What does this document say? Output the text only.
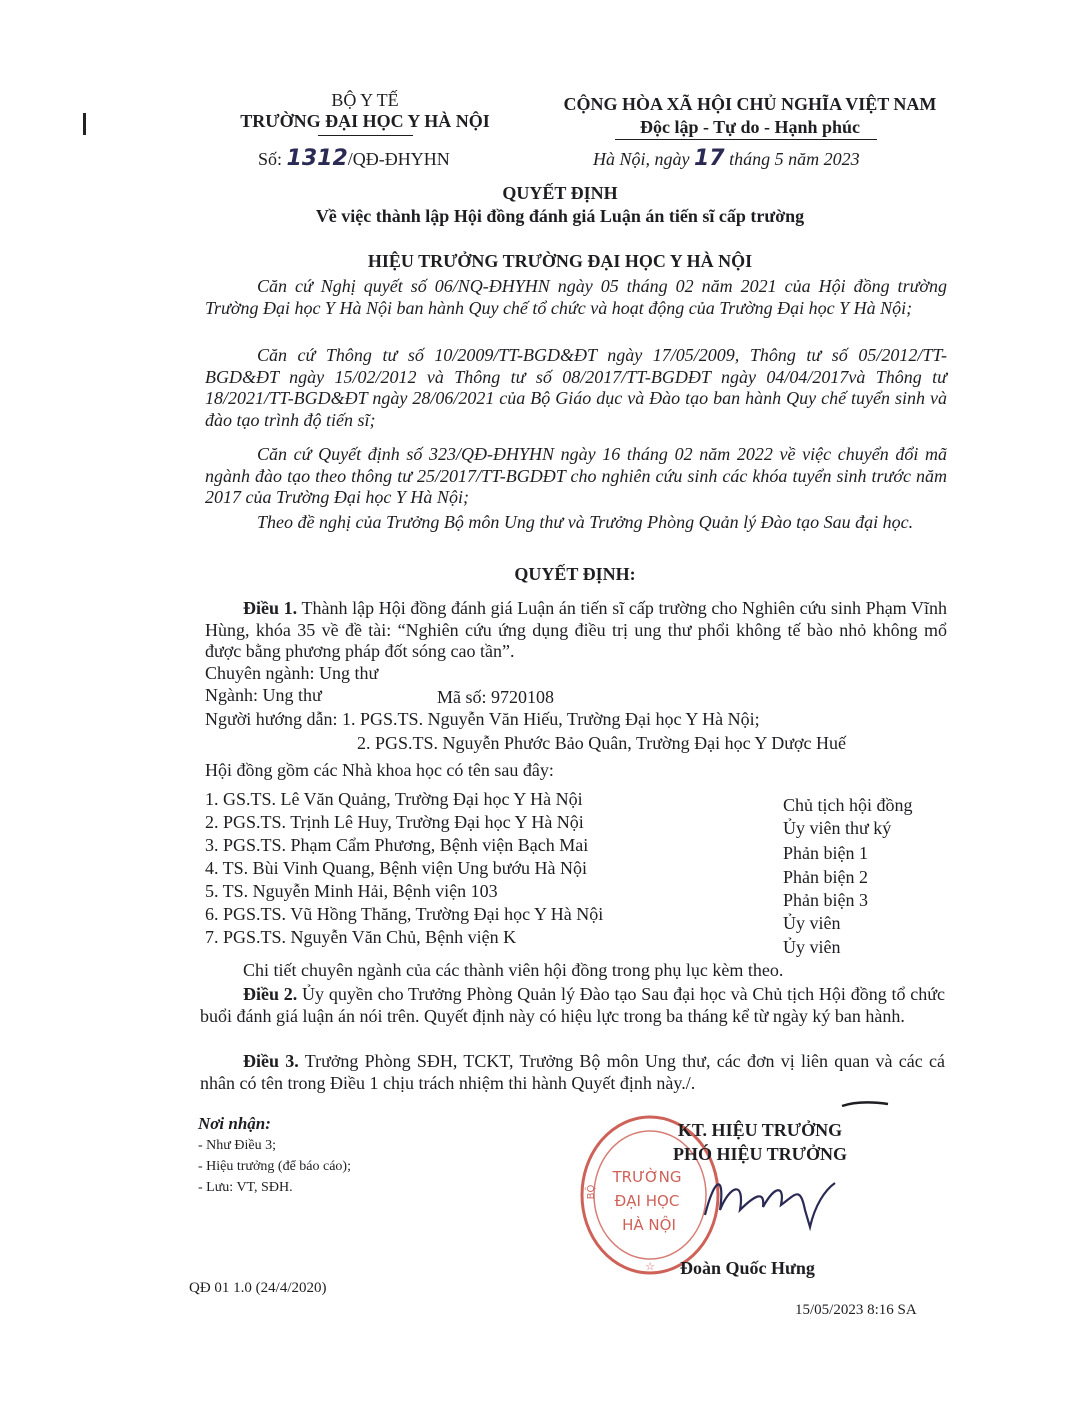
BỘ Y TẾ
TRƯỜNG ĐẠI HỌC Y HÀ NỘI
Số: 1312/QĐ-ĐHYHN
CỘNG HÒA XÃ HỘI CHỦ NGHĨA VIỆT NAM
Độc lập - Tự do - Hạnh phúc
Hà Nội, ngày 17 tháng 5 năm 2023
QUYẾT ĐỊNH
Về việc thành lập Hội đồng đánh giá Luận án tiến sĩ cấp trường
HIỆU TRƯỞNG TRƯỜNG ĐẠI HỌC Y HÀ NỘI
Căn cứ Nghị quyết số 06/NQ-ĐHYHN ngày 05 tháng 02 năm 2021 của Hội đồng trường Trường Đại học Y Hà Nội ban hành Quy chế tổ chức và hoạt động của Trường Đại học Y Hà Nội;
Căn cứ Thông tư số 10/2009/TT-BGD&ĐT ngày 17/05/2009, Thông tư số 05/2012/TT-BGD&ĐT ngày 15/02/2012 và Thông tư số 08/2017/TT-BGDĐT ngày 04/04/2017và Thông tư 18/2021/TT-BGD&ĐT ngày 28/06/2021 của Bộ Giáo dục và Đào tạo ban hành Quy chế tuyển sinh và đào tạo trình độ tiến sĩ;
Căn cứ Quyết định số 323/QĐ-ĐHYHN ngày 16 tháng 02 năm 2022 về việc chuyển đổi mã ngành đào tạo theo thông tư 25/2017/TT-BGDĐT cho nghiên cứu sinh các khóa tuyển sinh trước năm 2017 của Trường Đại học Y Hà Nội;
Theo đề nghị của Trưởng Bộ môn Ung thư và Trưởng Phòng Quản lý Đào tạo Sau đại học.
QUYẾT ĐỊNH:
Điều 1. Thành lập Hội đồng đánh giá Luận án tiến sĩ cấp trường cho Nghiên cứu sinh Phạm Vĩnh Hùng, khóa 35 về đề tài: “Nghiên cứu ứng dụng điều trị ung thư phổi không tế bào nhỏ không mổ được bằng phương pháp đốt sóng cao tần”.
Chuyên ngành: Ung thư
Ngành: Ung thư	Mã số: 9720108
Người hướng dẫn: 1. PGS.TS. Nguyễn Văn Hiếu, Trường Đại học Y Hà Nội;
2. PGS.TS. Nguyễn Phước Bảo Quân, Trường Đại học Y Dược Huế
Hội đồng gồm các Nhà khoa học có tên sau đây:
1. GS.TS. Lê Văn Quảng, Trường Đại học Y Hà Nội	Chủ tịch hội đồng
2. PGS.TS. Trịnh Lê Huy, Trường Đại học Y Hà Nội	Ủy viên thư ký
3. PGS.TS. Phạm Cẩm Phương, Bệnh viện Bạch Mai	Phản biện 1
4. TS. Bùi Vinh Quang, Bệnh viện Ung bướu Hà Nội	Phản biện 2
5. TS. Nguyễn Minh Hải, Bệnh viện 103	Phản biện 3
6. PGS.TS. Vũ Hồng Thăng, Trường Đại học Y Hà Nội	Ủy viên
7. PGS.TS. Nguyễn Văn Chủ, Bệnh viện K	Ủy viên
Chi tiết chuyên ngành của các thành viên hội đồng trong phụ lục kèm theo.
Điều 2. Ủy quyền cho Trưởng Phòng Quản lý Đào tạo Sau đại học và Chủ tịch Hội đồng tổ chức buổi đánh giá luận án nói trên. Quyết định này có hiệu lực trong ba tháng kể từ ngày ký ban hành.
Điều 3. Trưởng Phòng SĐH, TCKT, Trưởng Bộ môn Ung thư, các đơn vị liên quan và các cá nhân có tên trong Điều 1 chịu trách nhiệm thi hành Quyết định này./.
Nơi nhận:
- Như Điều 3;
- Hiệu trưởng (để báo cáo);
- Lưu: VT, SĐH.
TRƯỜNG
ĐẠI HỌC
HÀ NỘI
BỘ
☆
KT. HIỆU TRƯỞNG
PHÓ HIỆU TRƯỞNG
Đoàn Quốc Hưng
QĐ 01 1.0 (24/4/2020)
15/05/2023 8:16 SA
